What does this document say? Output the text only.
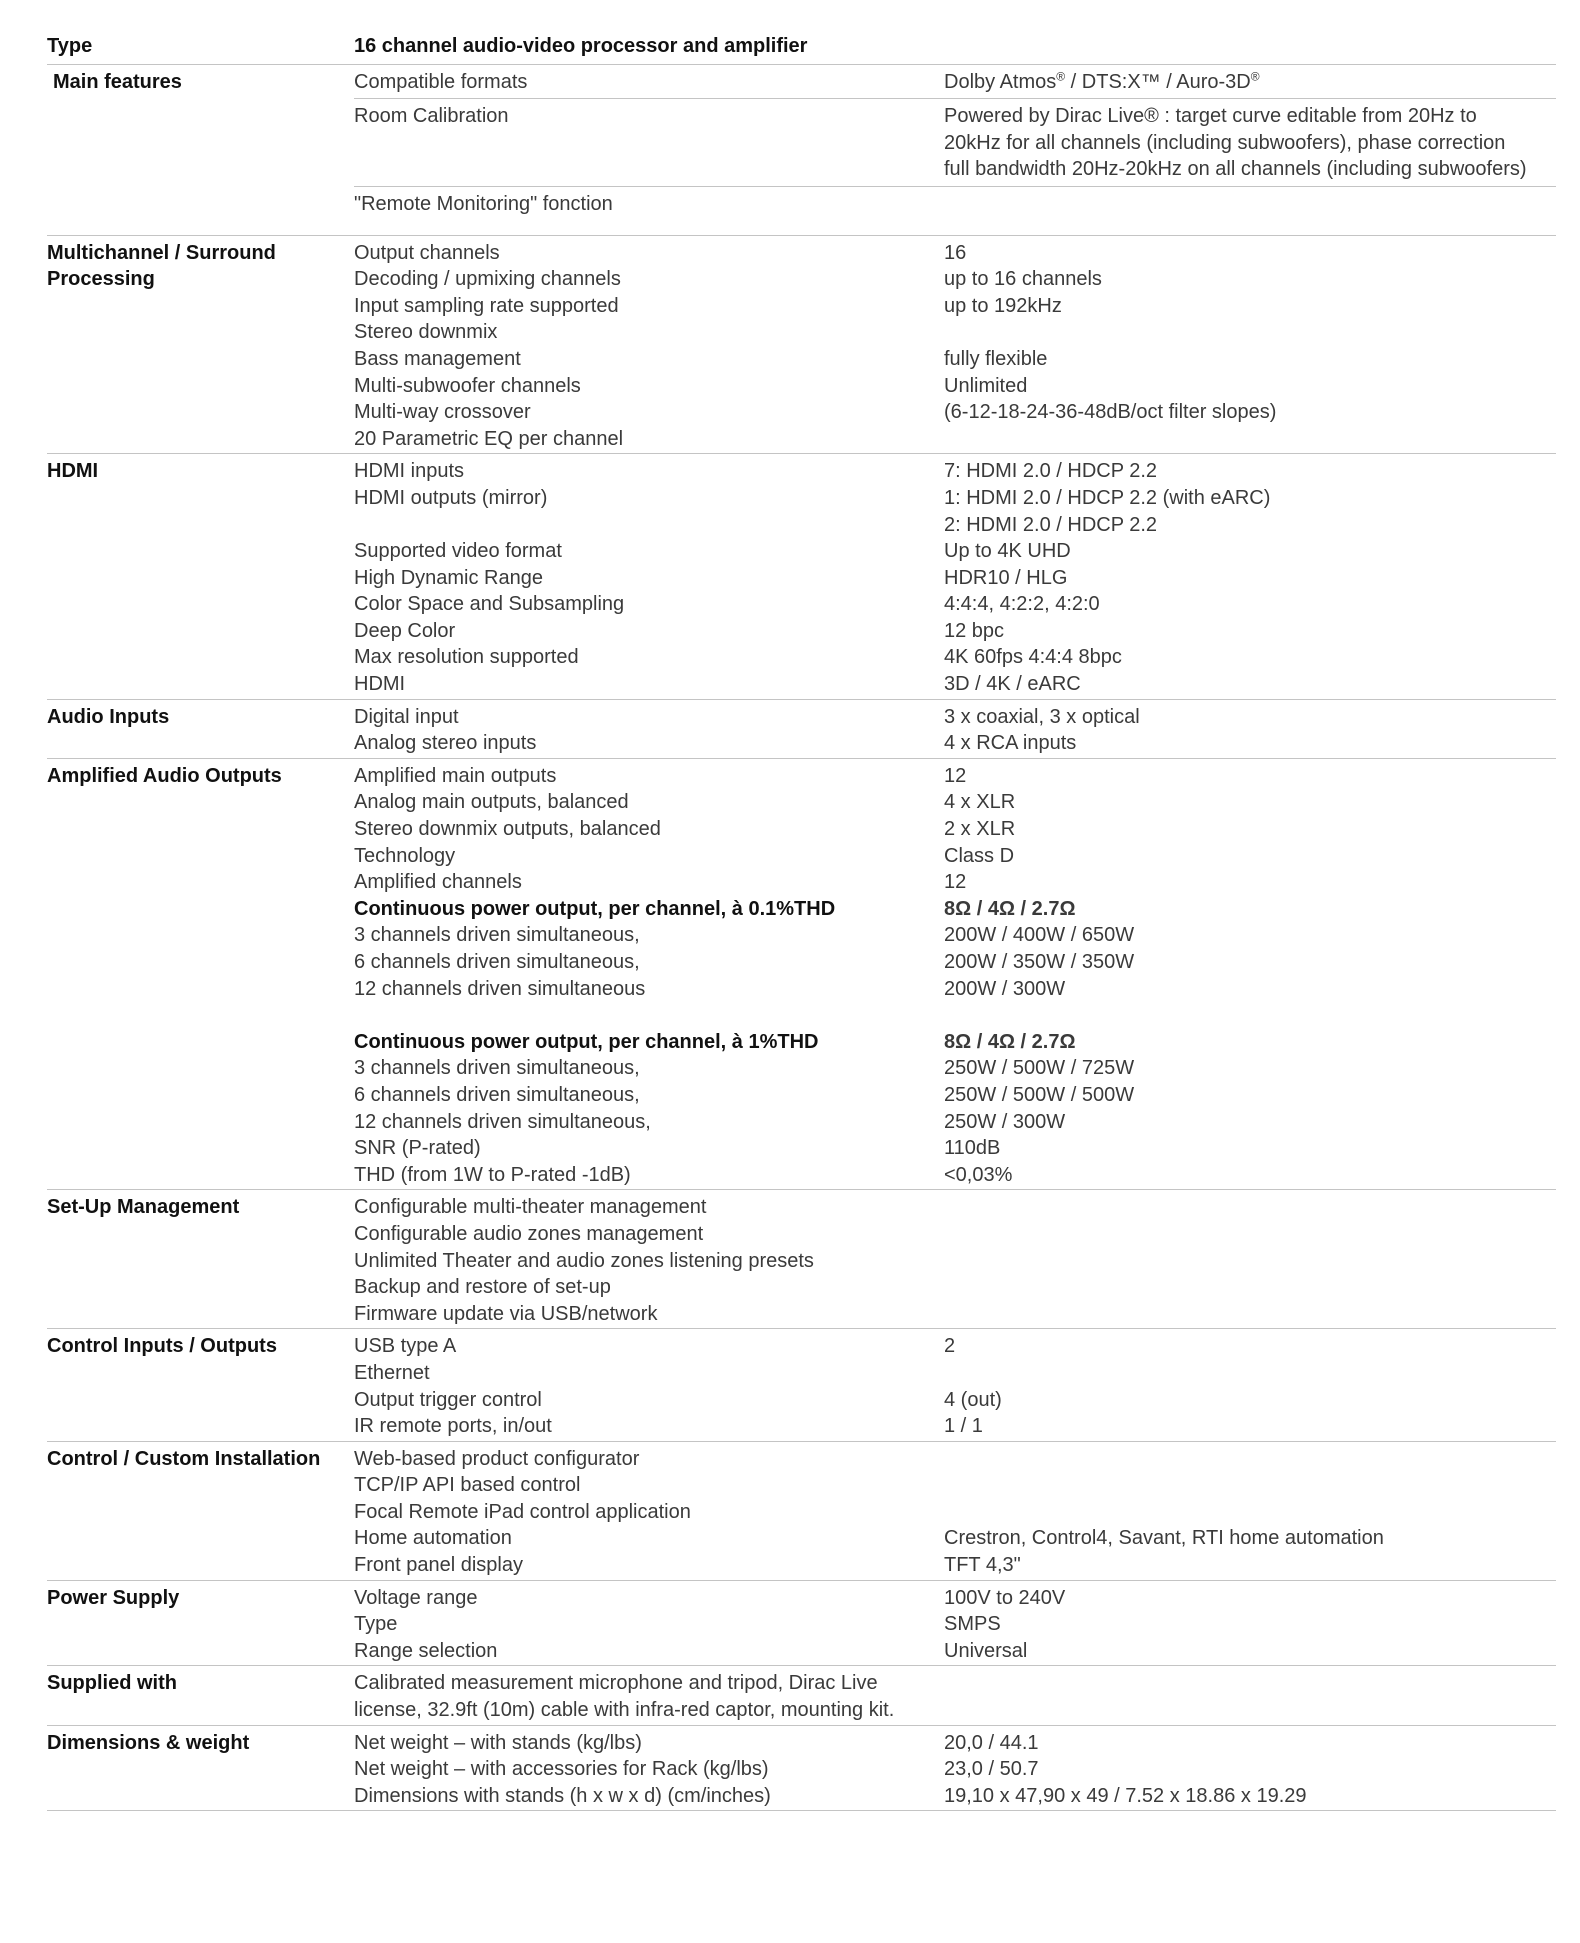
Type	16 channel audio-video processor and amplifier
Main features	Compatible formats	Dolby Atmos® / DTS:X™ / Auro-3D®
Room Calibration	Powered by Dirac Live® : target curve editable from 20Hz to 20kHz for all channels (including subwoofers), phase correction full bandwidth 20Hz-20kHz on all channels (including subwoofers)
"Remote Monitoring" fonction
Multichannel / Surround Processing
Output channels	16
Decoding / upmixing channels	up to 16 channels
Input sampling rate supported	up to 192kHz
Stereo downmix
Bass management	fully flexible
Multi-subwoofer channels	Unlimited
Multi-way crossover	(6-12-18-24-36-48dB/oct filter slopes)
20 Parametric EQ per channel
HDMI	HDMI inputs	7: HDMI 2.0 / HDCP 2.2
HDMI outputs (mirror)	1: HDMI 2.0 / HDCP 2.2 (with eARC)
2: HDMI 2.0 / HDCP 2.2
Supported video format	Up to 4K UHD
High Dynamic Range	HDR10 / HLG
Color Space and Subsampling	4:4:4, 4:2:2, 4:2:0
Deep Color	12 bpc
Max resolution supported	4K 60fps 4:4:4 8bpc
HDMI	3D / 4K / eARC
Audio Inputs	Digital input	3 x coaxial, 3 x optical
Analog stereo inputs	4 x RCA inputs
Amplified Audio Outputs	Amplified main outputs	12
Analog main outputs, balanced	4 x XLR
Stereo downmix outputs, balanced	2 x XLR
Technology	Class D
Amplified channels	12
Continuous power output, per channel, à 0.1%THD	8Ω / 4Ω / 2.7Ω
3 channels driven simultaneous,	200W / 400W / 650W
6 channels driven simultaneous,	200W / 350W / 350W
12 channels driven simultaneous	200W / 300W
Continuous power output, per channel, à 1%THD	8Ω / 4Ω / 2.7Ω
3 channels driven simultaneous,	250W / 500W / 725W
6 channels driven simultaneous,	250W / 500W / 500W
12 channels driven simultaneous,	250W / 300W
SNR (P-rated)	110dB
THD (from 1W to P-rated -1dB)	<0,03%
Set-Up Management	Configurable multi-theater management
Configurable audio zones management
Unlimited Theater and audio zones listening presets
Backup and restore of set-up
Firmware update via USB/network
Control Inputs / Outputs	USB type A	2
Ethernet
Output trigger control	4 (out)
IR remote ports, in/out	1 / 1
Control / Custom Installation	Web-based product configurator
TCP/IP API based control
Focal Remote iPad control application
Home automation	Crestron, Control4, Savant, RTI home automation
Front panel display	TFT 4,3"
Power Supply	Voltage range	100V to 240V
Type	SMPS
Range selection	Universal
Supplied with	Calibrated measurement microphone and tripod, Dirac Live license, 32.9ft (10m) cable with infra-red captor, mounting kit.
Dimensions & weight	Net weight – with stands (kg/lbs)	20,0 / 44.1
Net weight – with accessories for Rack (kg/lbs)	23,0 / 50.7
Dimensions with stands (h x w x d) (cm/inches)	19,10 x 47,90 x 49 / 7.52 x 18.86 x 19.29
